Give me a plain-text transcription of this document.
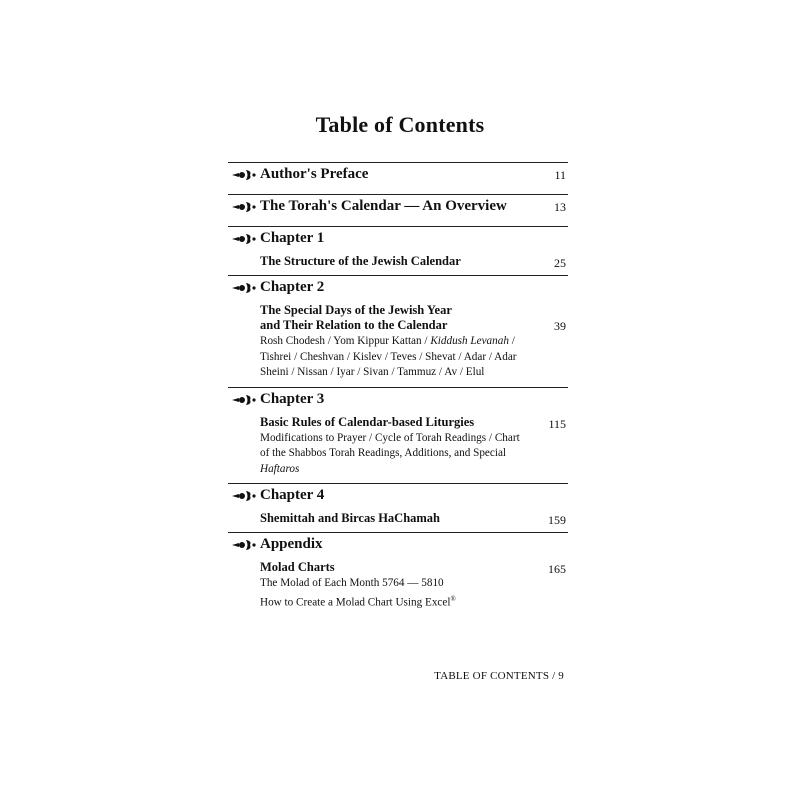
Table of Contents
Author's Preface	11
The Torah's Calendar — An Overview	13
Chapter 1
The Structure of the Jewish Calendar	25
Chapter 2
The Special Days of the Jewish Year
and Their Relation to the Calendar	39
Rosh Chodesh / Yom Kippur Kattan / Kiddush Levanah / Tishrei / Cheshvan / Kislev / Teves / Shevat / Adar / Adar Sheini / Nissan / Iyar / Sivan / Tammuz / Av / Elul
Chapter 3
Basic Rules of Calendar-based Liturgies	115
Modifications to Prayer / Cycle of Torah Readings / Chart of the Shabbos Torah Readings, Additions, and Special Haftaros
Chapter 4
Shemittah and Bircas HaChamah	159
Appendix
Molad Charts	165
The Molad of Each Month 5764 — 5810
How to Create a Molad Chart Using Excel®
TABLE OF CONTENTS / 9
